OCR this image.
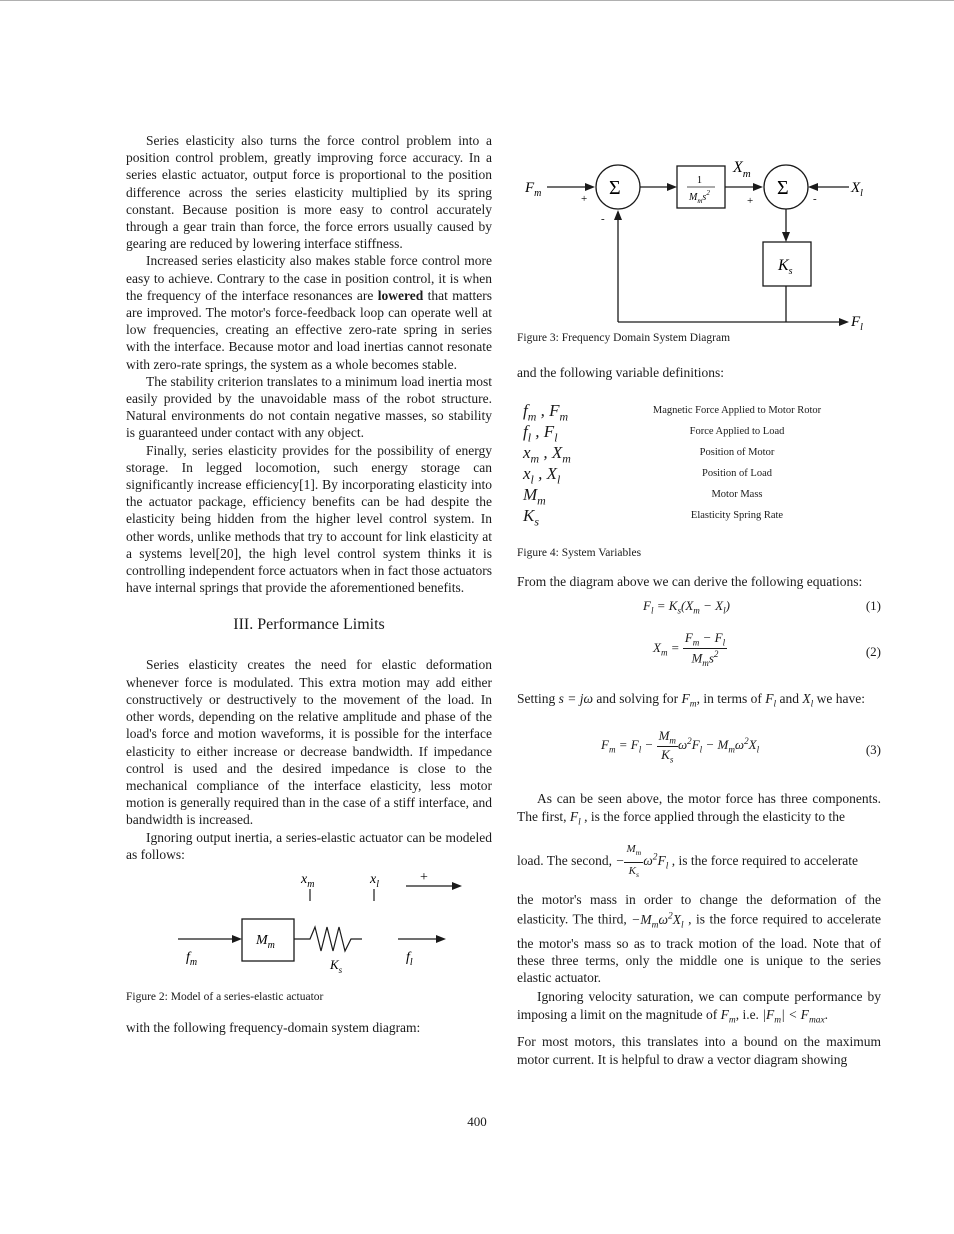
Series elasticity also turns the force control problem into a position control problem, greatly improving force accuracy. In a series elastic actuator, output force is proportional to the position difference across the series elasticity multiplied by its spring constant. Because position is more easy to control accurately through a gear train than force, the force errors usually caused by gearing are reduced by lowering interface stiffness.

Increased series elasticity also makes stable force control more easy to achieve. Contrary to the case in position control, it is when the frequency of the interface resonances are lowered that matters are improved. The motor's force-feedback loop can operate well at low frequencies, creating an effective zero-rate spring in series with the interface. Because motor and load inertias cannot resonate with zero-rate springs, the system as a whole becomes stable.

The stability criterion translates to a minimum load inertia most easily provided by the unavoidable mass of the robot structure. Natural environments do not contain negative masses, so stability is guaranteed under contact with any object.

Finally, series elasticity provides for the possibility of energy storage. In legged locomotion, such energy storage can significantly increase efficiency[1]. By incorporating elasticity into the actuator package, efficiency benefits can be had despite the elasticity being hidden from the higher level control system. In other words, unlike methods that try to account for link elasticity at a systems level[20], the high level control system thinks it is controlling independent force actuators when in fact those actuators have internal springs that provide the aforementioned benefits.

III. Performance Limits

Series elasticity creates the need for elastic deformation whenever force is modulated. This extra motion may add either constructively or destructively to the movement of the load. In other words, depending on the relative amplitude and phase of the load's force and motion waveforms, it is possible for the interface elasticity to either increase or decrease bandwidth. If impedance control is used and the desired impedance is close to the mechanical compliance of the interface elasticity, less motor motion is generally required than in the case of a stiff interface, and bandwidth is increased.

Ignoring output inertia, a series-elastic actuator can be modeled as follows:

$x_m$	$x_l$	+
$f_m$
$M_m$
$K_s$
$f_l$

Figure 2: Model of a series-elastic actuator

with the following frequency-domain system diagram:

$F_m$	+ Σ
-
1
$M_ms^2$
$X_m$
+
Σ -
$X_l$
$K_s$
$F_l$

Figure 3: Frequency Domain System Diagram

and the following variable definitions:

$f_m$ , $F_m$	Magnetic Force Applied to Motor Rotor
$f_l$ , $F_l$	Force Applied to Load
$x_m$ , $X_m$	Position of Motor
$x_l$ , $X_l$	Position of Load
$M_m$	Motor Mass
$K_s$	Elasticity Spring Rate

Figure 4: System Variables

From the diagram above we can derive the following equations:

$F_l = K_s(X_m - X_l)$	(1)
$X_m = \frac{F_m - F_l}{M_ms^2}$	(2)

Setting s = jω and solving for $F_m$, in terms of $F_l$ and $X_l$ we have:

$F_m = F_l - \frac{M_m}{K_s} \omega^2F_l - M_m\omega^2X_l$	(3)

As can be seen above, the motor force has three components. The first, $F_l$ , is the force applied through the elasticity to the

load. The second, − $\frac{M_m}{K_s} \omega^2F_l$ , is the force required to accelerate

the motor's mass in order to change the deformation of the elasticity. The third, $-M_m\omega^2X_l$ , is the force required to accelerate the motor's mass so as to track motion of the load. Note that of these three terms, only the middle one is unique to the series elastic actuator.

Ignoring velocity saturation, we can compute performance by imposing a limit on the magnitude of $F_m$, i.e. $|F_m| < F_{max}$.

For most motors, this translates into a bound on the maximum motor current. It is helpful to draw a vector diagram showing

400
